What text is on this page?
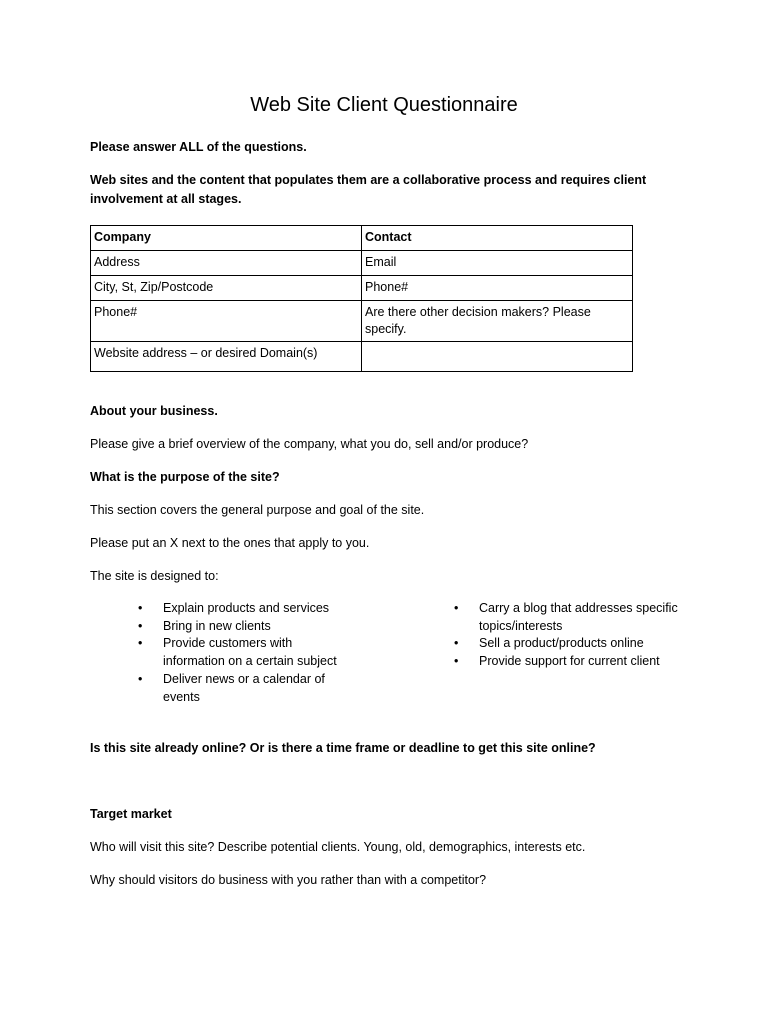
Web Site Client Questionnaire

Please answer ALL of the questions.

Web sites and the content that populates them are a collaborative process and requires client involvement at all stages.

Company	Contact
Address	Email
City, St, Zip/Postcode	Phone#
Phone#	Are there other decision makers? Please specify.
Website address – or desired Domain(s)	

About your business.

Please give a brief overview of the company, what you do, sell and/or produce?

What is the purpose of the site?

This section covers the general purpose and goal of the site.

Please put an X next to the ones that apply to you.

The site is designed to:

• Explain products and services
• Bring in new clients
• Provide customers with information on a certain subject
• Deliver news or a calendar of events
• Carry a blog that addresses specific topics/interests
• Sell a product/products online
• Provide support for current client

Is this site already online? Or is there a time frame or deadline to get this site online?

Target market

Who will visit this site? Describe potential clients. Young, old, demographics, interests etc.

Why should visitors do business with you rather than with a competitor?
